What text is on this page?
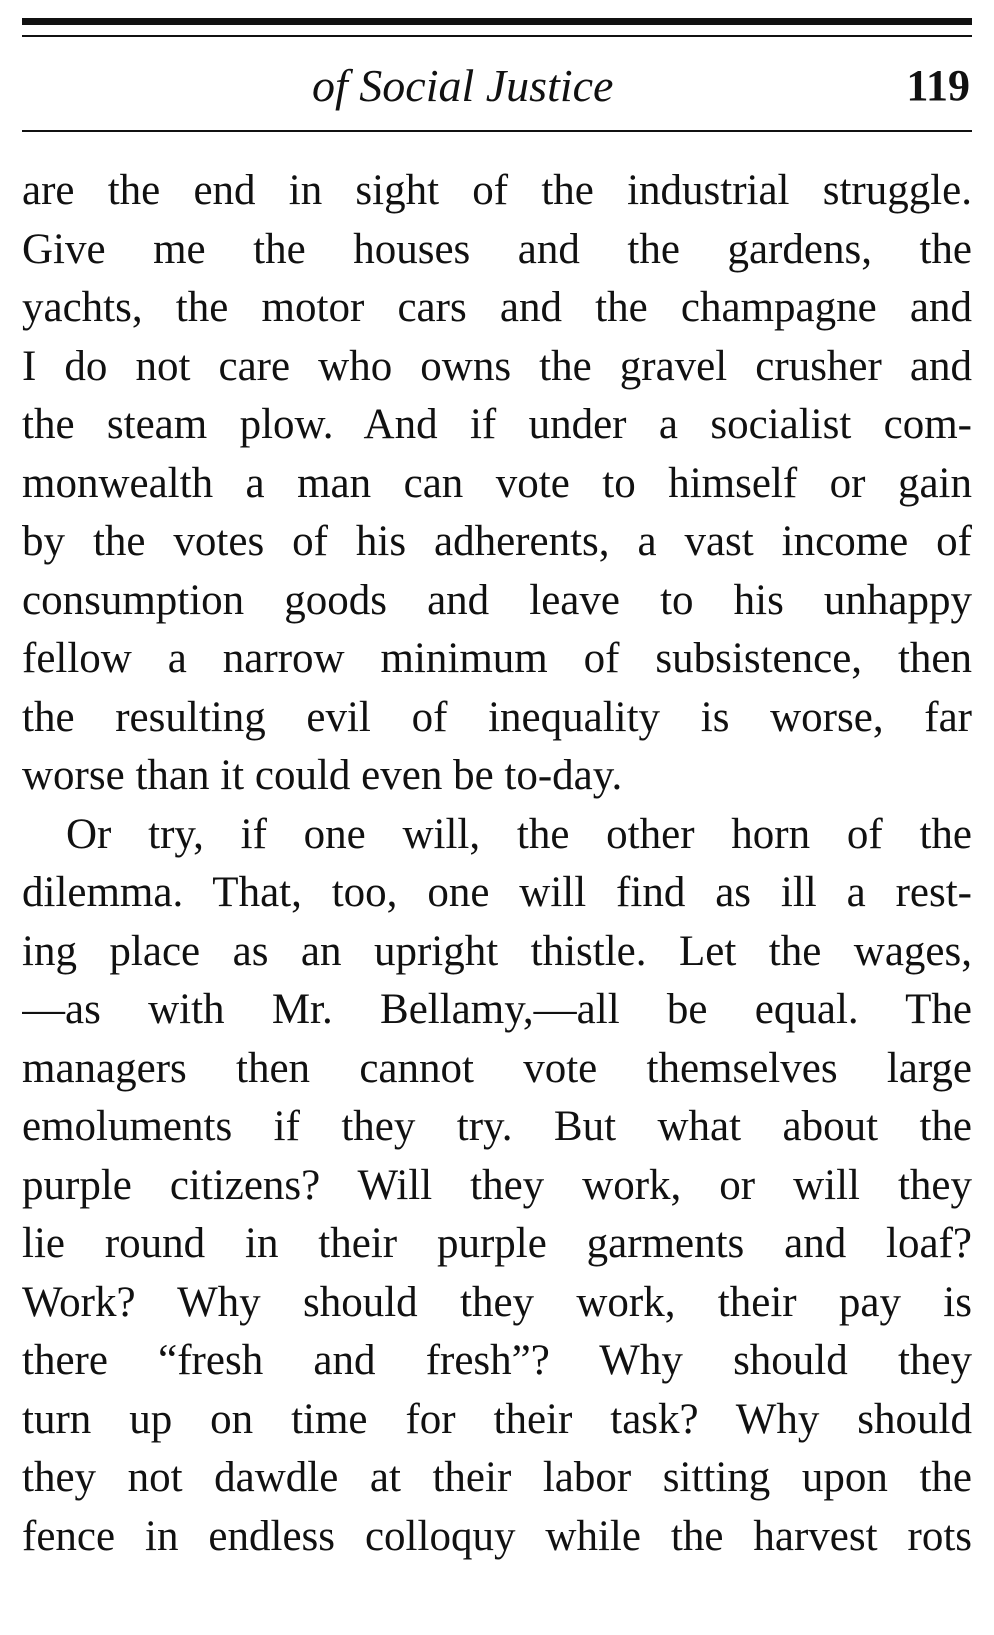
of Social Justice	119
are the end in sight of the industrial struggle.
Give me the houses and the gardens, the
yachts, the motor cars and the champagne and
I do not care who owns the gravel crusher and
the steam plow. And if under a socialist com-
monwealth a man can vote to himself or gain
by the votes of his adherents, a vast income of
consumption goods and leave to his unhappy
fellow a narrow minimum of subsistence, then
the resulting evil of inequality is worse, far
worse than it could even be to-day.
Or try, if one will, the other horn of the
dilemma. That, too, one will find as ill a rest-
ing place as an upright thistle. Let the wages,
—as with Mr. Bellamy,—all be equal. The
managers then cannot vote themselves large
emoluments if they try. But what about the
purple citizens? Will they work, or will they
lie round in their purple garments and loaf?
Work? Why should they work, their pay is
there “fresh and fresh”? Why should they
turn up on time for their task? Why should
they not dawdle at their labor sitting upon the
fence in endless colloquy while the harvest rots
